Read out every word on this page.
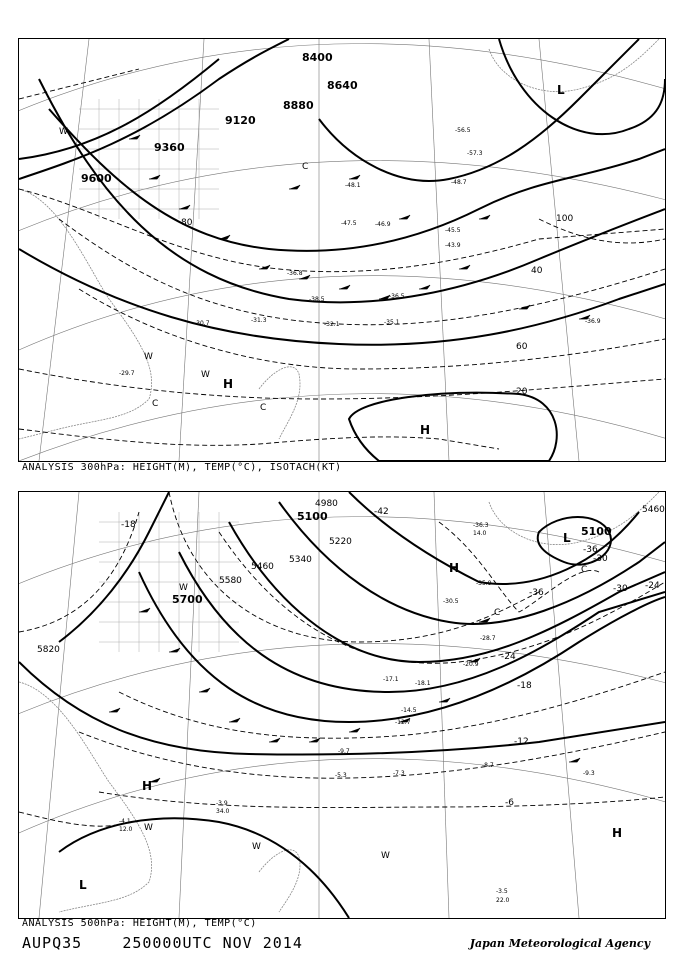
9600
9360
9120
8880
8640
8400
100
80
60
40
20
H
H
L
W
W
W
C	C
C
-29.7
-30.7	-31.3
-32.1	-35.1	-36.9
-36.5
-36.8
-38.5
-43.9
-45.5
-47.5	-46.9
-48.1
-56.5
-57.3
-48.7
ANALYSIS 300hPa: HEIGHT(M), TEMP(°C), ISOTACH(KT)
5820
5700
5580
5460
5340
5220
5100
4980
5460
5100
-18
-24
-30
-36
-42
-24
-30
-36
-18
-12
-6
H
H
L
L
H
W
W
W
W
C
C
-36.3
14.0
-35.9
-30.5
-28.7
-20.9
-18.1
-17.1
-14.5
-12.7
-9.7
-8.7
-9.3
-7.3
-5.3
-3.5
22.0
-4.1
12.0
-3.9
34.0
ANALYSIS 500hPa: HEIGHT(M), TEMP(°C)
AUPQ35	250000UTC NOV 2014	Japan Meteorological Agency
